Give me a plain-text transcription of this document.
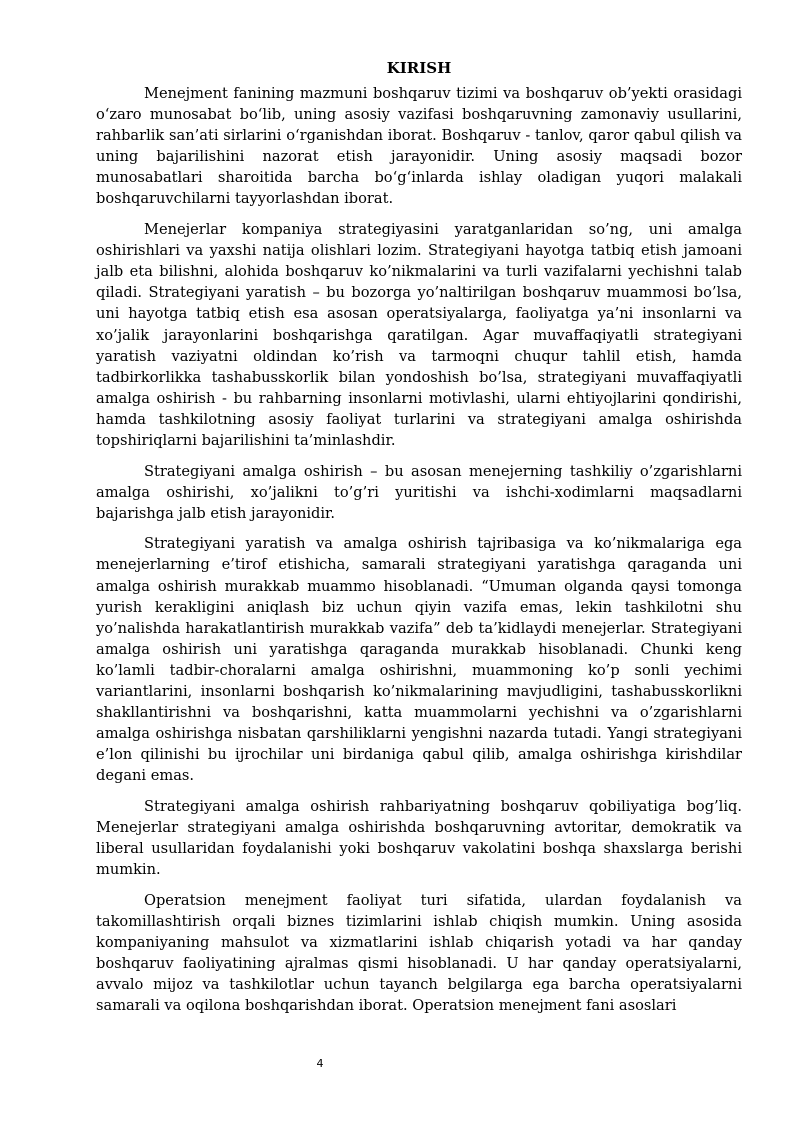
KIRISH

Menejment fanining mazmuni boshqaruv tizimi va boshqaruv ob’yekti orasidagi o‘zaro munosabat bo‘lib, uning asosiy vazifasi boshqaruvning zamonaviy usullarini, rahbarlik san’ati sirlarini o‘rganishdan iborat. Boshqaruv - tanlov, qaror qabul qilish va uning bajarilishini nazorat etish jarayonidir. Uning asosiy maqsadi bozor munosabatlari sharoitida barcha bo‘g‘inlarda ishlay oladigan yuqori malakali boshqaruvchilarni tayyorlashdan iborat.

Menejerlar kompaniya strategiyasini yaratganlaridan so’ng, uni amalga oshirishlari va yaxshi natija olishlari lozim. Strategiyani hayotga tatbiq etish jamoani jalb eta bilishni, alohida boshqaruv ko’nikmalarini va turli vazifalarni yechishni talab qiladi. Strategiyani yaratish – bu bozorga yo’naltirilgan boshqaruv muammosi bo’lsa, uni hayotga tatbiq etish esa asosan operatsiyalarga, faoliyatga ya’ni insonlarni va xo’jalik jarayonlarini boshqarishga qaratilgan. Agar muvaffaqiyatli strategiyani yaratish vaziyatni oldindan ko’rish va tarmoqni chuqur tahlil etish, hamda tadbirkorlikka tashabusskorlik bilan yondoshish bo’lsa, strategiyani muvaffaqiyatli amalga oshirish - bu rahbarning insonlarni motivlashi, ularni ehtiyojlarini qondirishi, hamda tashkilotning asosiy faoliyat turlarini va strategiyani amalga oshirishda topshiriqlarni bajarilishini ta’minlashdir.

Strategiyani amalga oshirish – bu asosan menejerning tashkiliy o’zgarishlarni amalga oshirishi, xo’jalikni to’g’ri yuritishi va ishchi-xodimlarni maqsadlarni bajarishga jalb etish jarayonidir.

Strategiyani yaratish va amalga oshirish tajribasiga va ko’nikmalariga ega menejerlarning e’tirof etishicha, samarali strategiyani yaratishga qaraganda uni amalga oshirish murakkab muammo hisoblanadi. “Umuman olganda qaysi tomonga yurish kerakligini aniqlash biz uchun qiyin vazifa emas, lekin tashkilotni shu yo’nalishda harakatlantirish murakkab vazifa” deb ta’kidlaydi menejerlar. Strategiyani amalga oshirish uni yaratishga qaraganda murakkab hisoblanadi. Chunki keng ko’lamli tadbir-choralarni amalga oshirishni, muammoning ko’p sonli yechimi variantlarini, insonlarni boshqarish ko’nikmalarining mavjudligini, tashabusskorlikni shakllantirishni va boshqarishni, katta muammolarni yechishni va o’zgarishlarni amalga oshirishga nisbatan qarshiliklarni yengishni nazarda tutadi. Yangi strategiyani e’lon qilinishi bu ijrochilar uni birdaniga qabul qilib, amalga oshirishga kirishdilar degani emas.

Strategiyani amalga oshirish rahbariyatning boshqaruv qobiliyatiga bog’liq. Menejerlar strategiyani amalga oshirishda boshqaruvning avtoritar, demokratik va liberal usullaridan foydalanishi yoki boshqaruv vakolatini boshqa shaxslarga berishi mumkin.

Operatsion menejment faoliyat turi sifatida, ulardan foydalanish va takomillashtirish orqali biznes tizimlarini ishlab chiqish mumkin. Uning asosida kompaniyaning mahsulot va xizmatlarini ishlab chiqarish yotadi va har qanday boshqaruv faoliyatining ajralmas qismi hisoblanadi. U har qanday operatsiyalarni, avvalo mijoz va tashkilotlar uchun tayanch belgilarga ega barcha operatsiyalarni samarali va oqilona boshqarishdan iborat. Operatsion menejment fani asoslari

4
